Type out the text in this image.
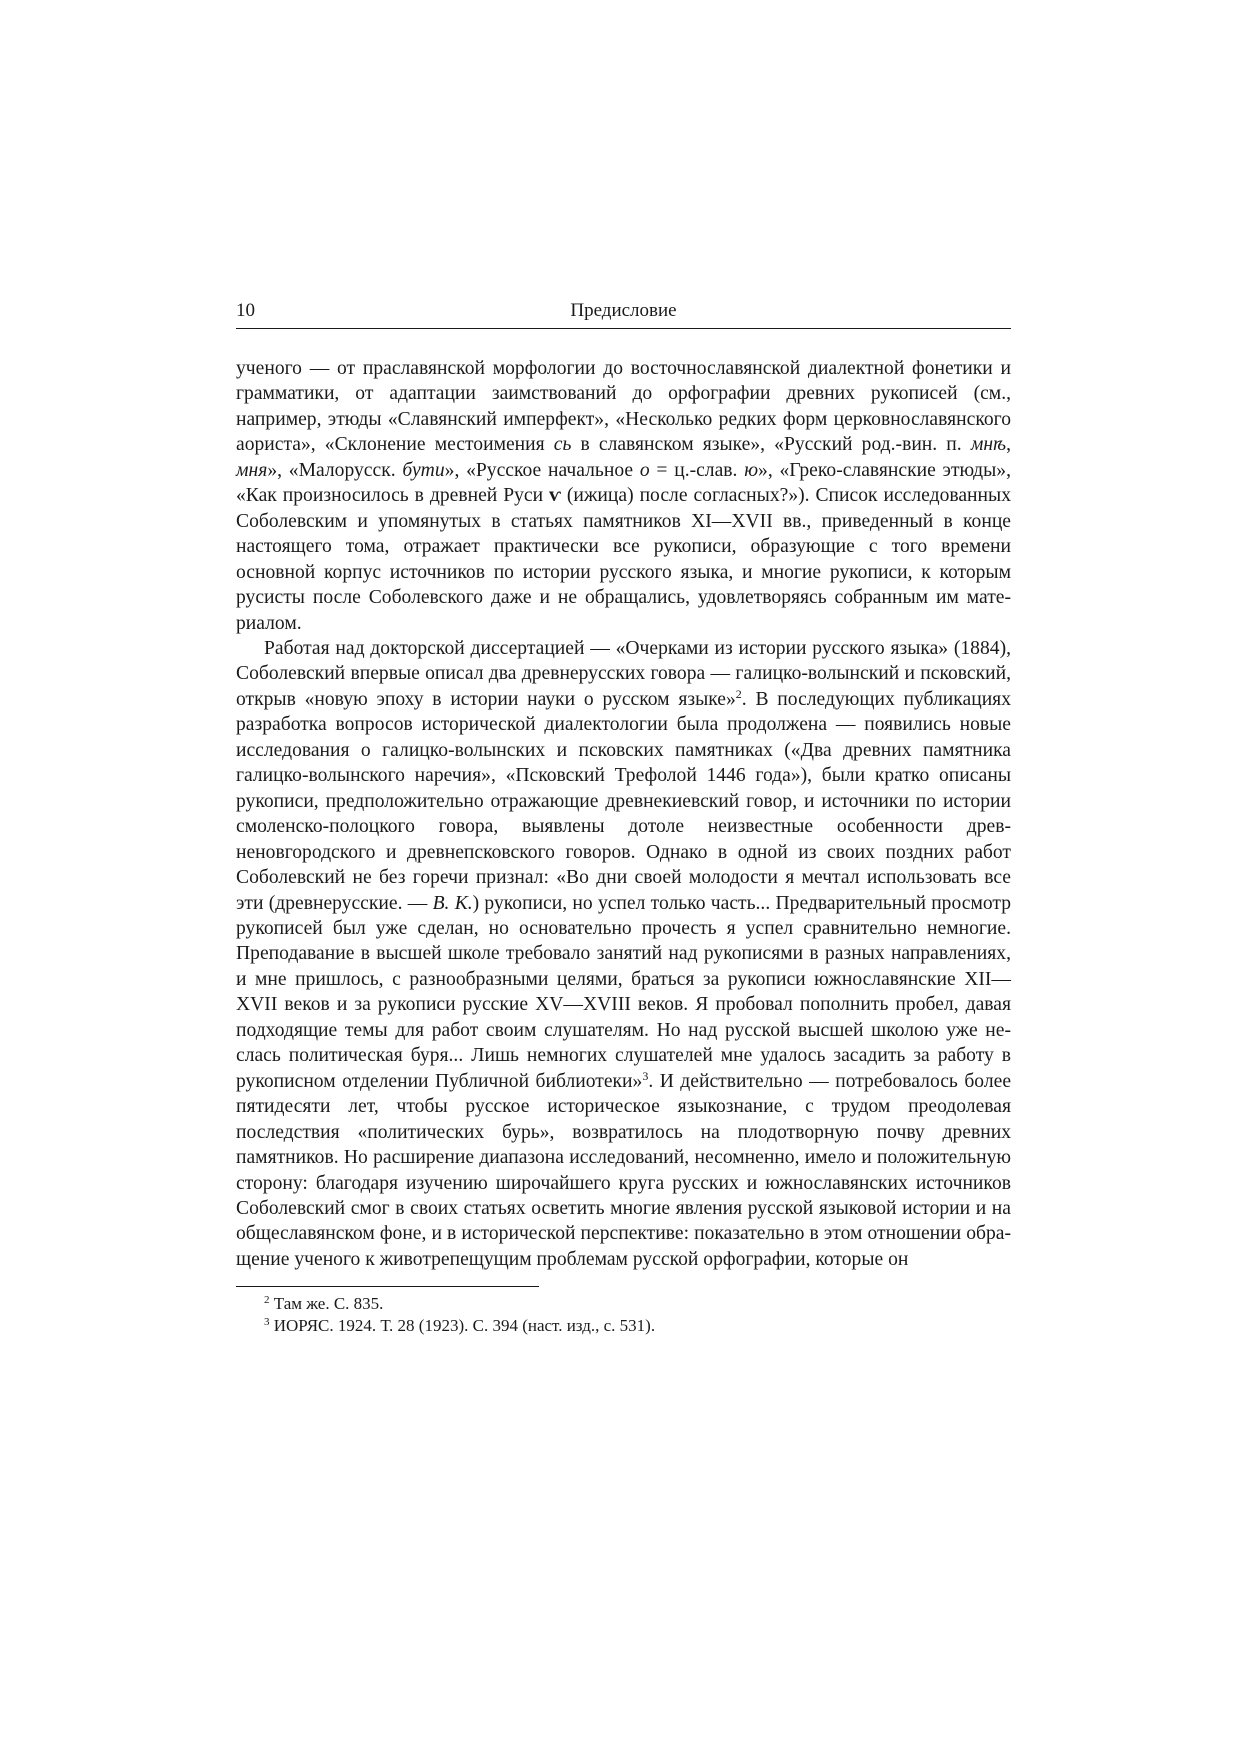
10	Предисловие

ученого — от праславянской морфологии до восточнославянской диалектной фонетики и грамматики, от адаптации заимствований до орфографии древних рукописей (см., например, этюды «Славянский имперфект», «Несколько редких форм церковнославянского аориста», «Склонение местоимения сь в славянском языке», «Русский род.-вин. п. мнѣ, мня», «Малорусск. бути», «Русское начальное о = ц.-слав. ю», «Греко-славянские этюды», «Как произносилось в древней Руси ѵ (ижица) после согласных?»). Список исследованных Соболевским и упомянутых в статьях памятников XI—XVII вв., приведенный в конце настоящего тома, отражает практически все рукописи, образующие с того времени основной корпус источников по истории русского языка, и многие рукописи, к которым русисты после Соболевского даже и не обращались, удовлетворяясь собранным им материалом.

Работая над докторской диссертацией — «Очерками из истории русского языка» (1884), Соболевский впервые описал два древнерусских говора — галицко-волынский и псковский, открыв «новую эпоху в истории науки о русском языке»$^2$. В последующих публикациях разработка вопросов исторической диалектологии была продолжена — появились новые исследования о галицко-волынских и псковских памятниках («Два древних памятника галицко-волынского наречия», «Псковский Трефолой 1446 года»), были кратко описаны рукописи, предположительно отражающие древнекиевский говор, и источники по истории смоленско-полоцкого говора, выявлены дотоле неизвестные особенности древненовгородского и древнепсковского говоров. Однако в одной из своих поздних работ Соболевский не без горечи признал: «Во дни своей молодости я мечтал использовать все эти (древнерусские. — В. К.) рукописи, но успел только часть... Предварительный просмотр рукописей был уже сделан, но основательно прочесть я успел сравнительно немногие. Преподавание в высшей школе требовало занятий над рукописями в разных направлениях, и мне пришлось, с разнообразными целями, браться за рукописи южнославянские XII—XVII веков и за рукописи русские XV—XVIII веков. Я пробовал пополнить пробел, давая подходящие темы для работ своим слушателям. Но над русской высшей школою уже неслась политическая буря... Лишь немногих слушателей мне удалось засадить за работу в рукописном отделении Публичной библиотеки»$^3$. И действительно — потребовалось более пятидесяти лет, чтобы русское историческое языкознание, с трудом преодолевая последствия «политических бурь», возвратилось на плодотворную почву древних памятников. Но расширение диапазона исследований, несомненно, имело и положительную сторону: благодаря изучению широчайшего круга русских и южнославянских источников Соболевский смог в своих статьях осветить многие явления русской языковой истории и на общеславянском фоне, и в исторической перспективе: показательно в этом отношении обращение ученого к животрепещущим проблемам русской орфографии, которые он

$^2$ Там же. С. 835.
$^3$ ИОРЯС. 1924. Т. 28 (1923). С. 394 (наст. изд., с. 531).
